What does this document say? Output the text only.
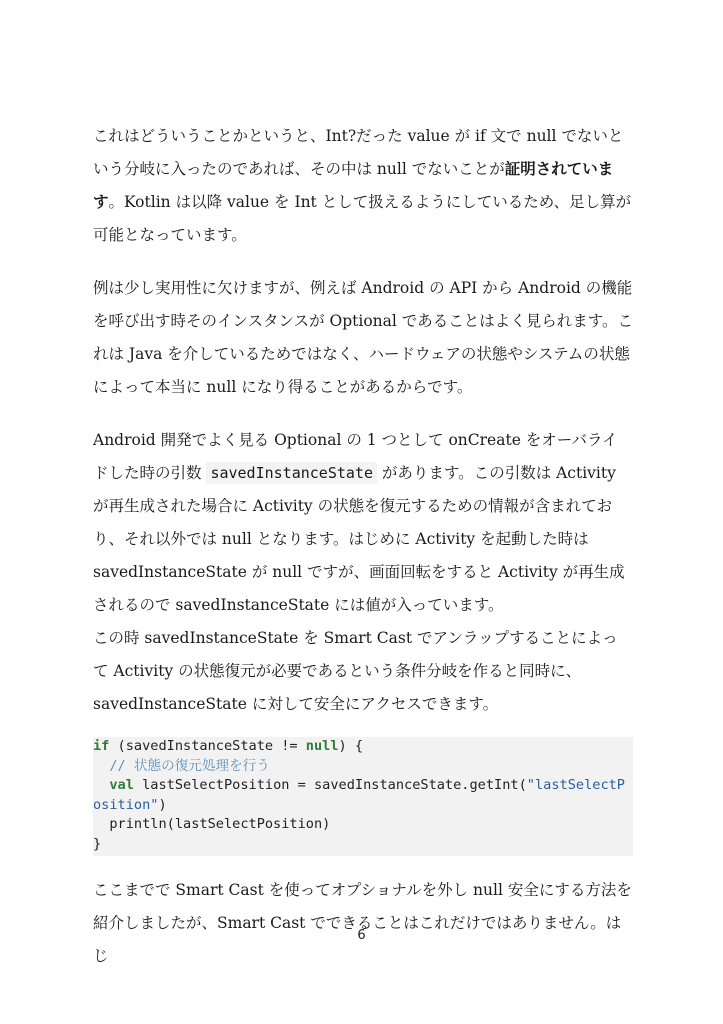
これはどういうことかというと、Int?だった value が if 文で null でないという分岐に入ったのであれば、その中は null でないことが証明されています。Kotlin は以降 value を Int として扱えるようにしているため、足し算が可能となっています。

例は少し実用性に欠けますが、例えば Android の API から Android の機能を呼び出す時そのインスタンスが Optional であることはよく見られます。これは Java を介しているためではなく、ハードウェアの状態やシステムの状態によって本当に null になり得ることがあるからです。

Android 開発でよく見る Optional の 1 つとして onCreate をオーバライドした時の引数 savedInstanceState があります。この引数は Activity が再生成された場合に Activity の状態を復元するための情報が含まれており、それ以外では null となります。はじめに Activity を起動した時は savedInstanceState が null ですが、画面回転をすると Activity が再生成されるので savedInstanceState には値が入っています。

この時 savedInstanceState を Smart Cast でアンラップすることによって Activity の状態復元が必要であるという条件分岐を作ると同時に、savedInstanceState に対して安全にアクセスできます。

if (savedInstanceState != null) {
// 状態の復元処理を行う
val lastSelectPosition = savedInstanceState.getInt("lastSelectPosition")
println(lastSelectPosition)
}

ここまでで Smart Cast を使ってオプショナルを外し null 安全にする方法を紹介しましたが、Smart Cast でできることはこれだけではありません。はじ

6
